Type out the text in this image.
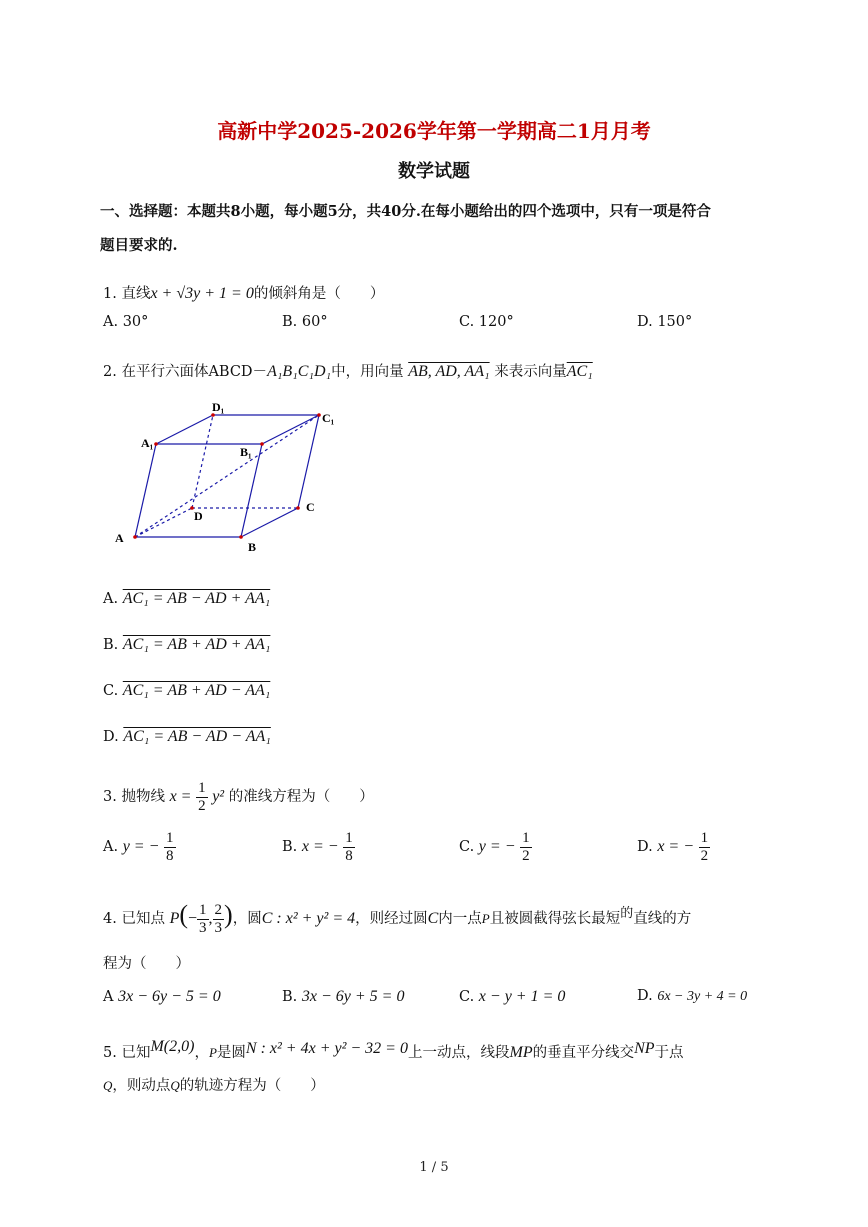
高新中学2025-2026学年第一学期高二1月月考
数学试题
一、选择题：本题共8小题，每小题5分，共40分.在每小题给出的四个选项中，只有一项是符合
题目要求的.
1. 直线x + √3y + 1 = 0的倾斜角是（　　）
A. 30°	B. 60°	C. 120°	D. 150°
2. 在平行六面体ABCD－A₁B₁C₁D₁中，用向量 AB, AD, AA₁ 来表示向量AC₁
D₁
C₁
A₁
B₁
D
C
A
B
A. AC₁ = AB − AD + AA₁
B. AC₁ = AB + AD + AA₁
C. AC₁ = AB + AD − AA₁
D. AC₁ = AB − AD − AA₁
3. 抛物线 $x = \frac{1}{2} y^2$ 的准线方程为（　　）
A. y = − $\frac{1}{8}$	B. x = − $\frac{1}{8}$	C. y = − $\frac{1}{2}$	D. x = − $\frac{1}{2}$
4. 已知点 $P(- \frac{1}{3}$ , $\frac{2}{3}$ )，圆C : x² + y² = 4，则经过圆C内一点P且被圆截得弦长最短的直线的方
程为（　　）
A 3x − 6y − 5 = 0	B. 3x − 6y + 5 = 0	C. x − y + 1 = 0	D. 6x − 3y + 4 = 0
5. 已知M(2,0)，P是圆N : x² + 4x + y² − 32 = 0上一动点，线段MP的垂直平分线交NP于点
Q，则动点Q的轨迹方程为（　　）
1 / 5
